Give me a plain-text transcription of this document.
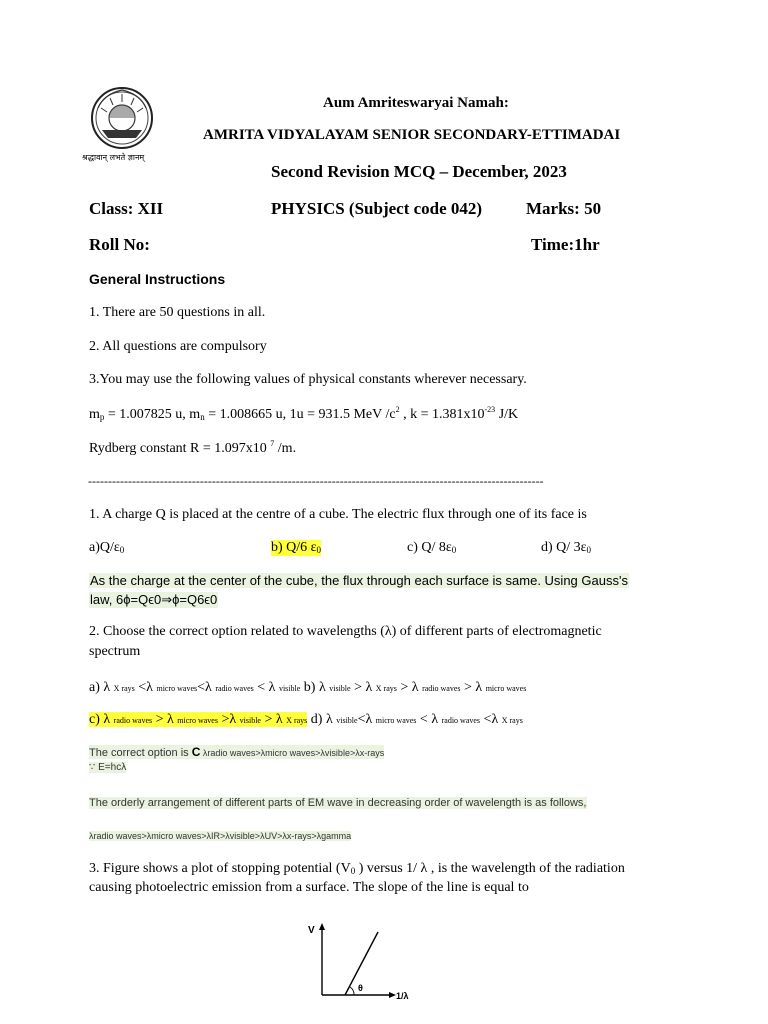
श्रद्धावान् लभते ज्ञानम्
Aum Amriteswaryai Namah:
AMRITA VIDYALAYAM SENIOR SECONDARY-ETTIMADAI
Second Revision MCQ – December, 2023
Class: XII	PHYSICS (Subject code 042)	Marks: 50
Roll No:	Time:1hr
General Instructions
1. There are 50 questions in all.
2. All questions are compulsory
3.You may use the following values of physical constants wherever necessary.
$m_p = 1.007825$ u, $m_n = 1.008665$ u, 1u = 931.5 MeV $/c^2$ , $k = 1.381x10^{-23}$ J/K
Rydberg constant R = 1.097x10 $^7$ /m.
------------------------------------------------------------------------------------------------------------------
1. A charge Q is placed at the centre of a cube. The electric flux through one of its face is
$a)Q/\varepsilon_0$	b) Q/6 $\varepsilon_0$	c) Q/ $8\varepsilon_0$	d) Q/ $3\varepsilon_0$
As the charge at the center of the cube, the flux through each surface is same. Using Gauss's
law, 6ϕ=Qϵ0⇒ϕ=Q6ϵ0
2. Choose the correct option related to wavelengths (λ) of different parts of electromagnetic
spectrum
a) λ X rays <λ micro waves<λ radio waves < λ visible b) λ visible > λ X rays > λ radio waves > λ micro waves
c) λ radio waves > λ micro waves >λ visible > λ X rays d) λ visible<λ micro waves < λ radio waves <λ X rays
The correct option is C λradio waves>λmicro waves>λvisible>λx-rays
∵ E=hcλ
The orderly arrangement of different parts of EM wave in decreasing order of wavelength is as follows,
λradio waves>λmicro waves>λIR>λvisible>λUV>λx-rays>λgamma
3. Figure shows a plot of stopping potential ($V_0$ ) versus 1/ λ , is the wavelength of the radiation
causing photoelectric emission from a surface. The slope of the line is equal to
V
θ
1/λ
